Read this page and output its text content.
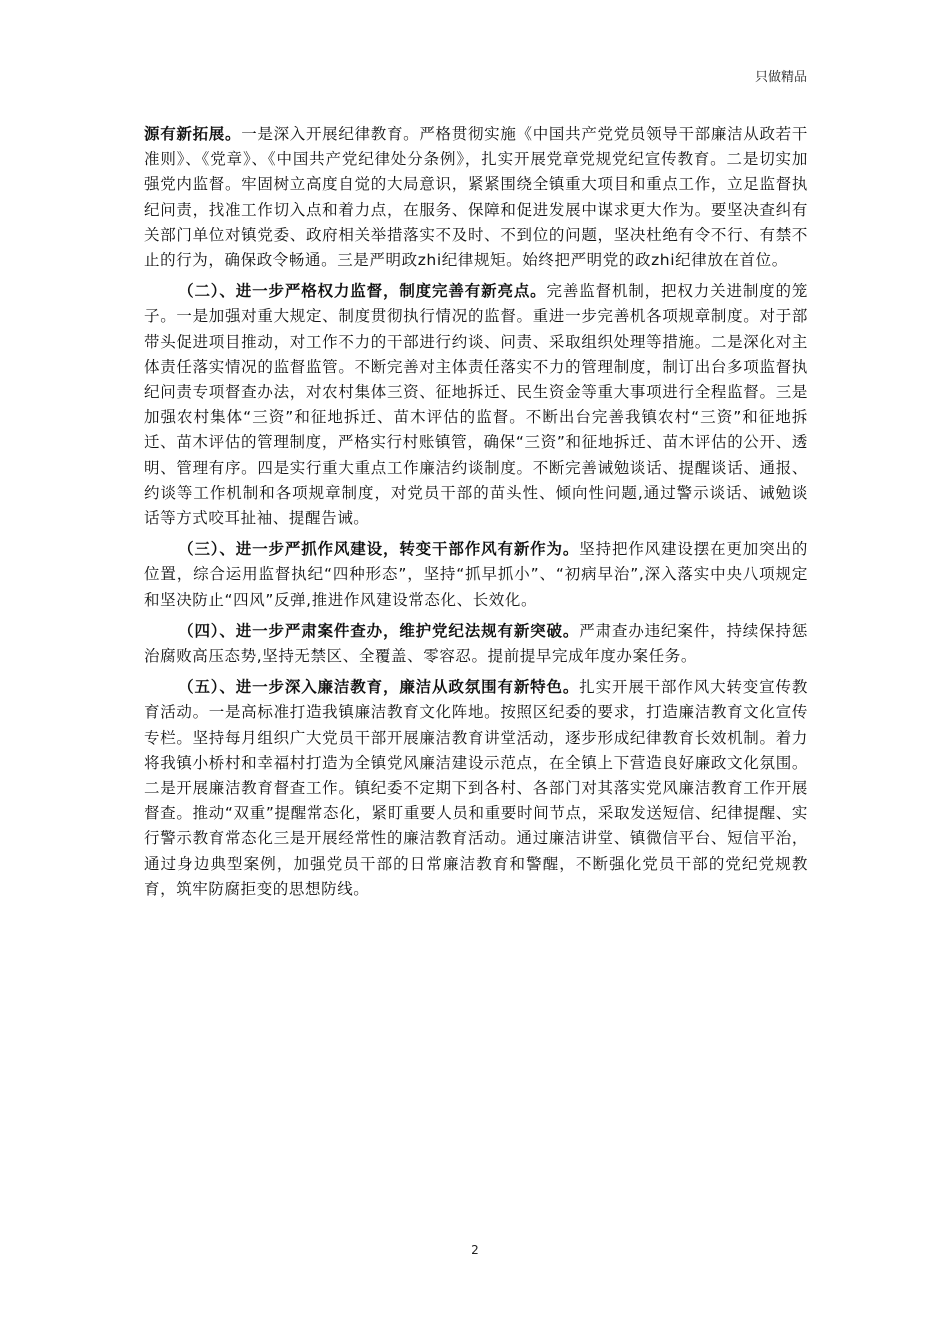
只做精品

源有新拓展。一是深入开展纪律教育。严格贯彻实施《中国共产党党员领导干部廉洁从政若干准则》、《党章》、《中国共产党纪律处分条例》，扎实开展党章党规党纪宣传教育。二是切实加强党内监督。牢固树立高度自觉的大局意识，紧紧围绕全镇重大项目和重点工作，立足监督执纪问责，找准工作切入点和着力点，在服务、保障和促进发展中谋求更大作为。要坚决查纠有关部门单位对镇党委、政府相关举措落实不及时、不到位的问题，坚决杜绝有令不行、有禁不止的行为，确保政令畅通。三是严明政zhi纪律规矩。始终把严明党的政zhi纪律放在首位。

（二）、进一步严格权力监督，制度完善有新亮点。完善监督机制，把权力关进制度的笼子。一是加强对重大规定、制度贯彻执行情况的监督。重进一步完善机各项规章制度。对于部带头促进项目推动，对工作不力的干部进行约谈、问责、采取组织处理等措施。二是深化对主体责任落实情况的监督监管。不断完善对主体责任落实不力的管理制度，制订出台多项监督执纪问责专项督查办法，对农村集体三资、征地拆迁、民生资金等重大事项进行全程监督。三是加强农村集体“三资”和征地拆迁、苗木评估的监督。不断出台完善我镇农村“三资”和征地拆迁、苗木评估的管理制度，严格实行村账镇管，确保“三资”和征地拆迁、苗木评估的公开、透明、管理有序。四是实行重大重点工作廉洁约谈制度。不断完善诫勉谈话、提醒谈话、通报、约谈等工作机制和各项规章制度，对党员干部的苗头性、倾向性问题,通过警示谈话、诫勉谈话等方式咬耳扯袖、提醒告诫。

（三）、进一步严抓作风建设，转变干部作风有新作为。坚持把作风建设摆在更加突出的位置，综合运用监督执纪“四种形态”，坚持“抓早抓小”、“初病早治”,深入落实中央八项规定和坚决防止“四风”反弹,推进作风建设常态化、长效化。

（四）、进一步严肃案件查办，维护党纪法规有新突破。严肃查办违纪案件，持续保持惩治腐败高压态势,坚持无禁区、全覆盖、零容忍。提前提早完成年度办案任务。

（五）、进一步深入廉洁教育，廉洁从政氛围有新特色。扎实开展干部作风大转变宣传教育活动。一是高标准打造我镇廉洁教育文化阵地。按照区纪委的要求，打造廉洁教育文化宣传专栏。坚持每月组织广大党员干部开展廉洁教育讲堂活动，逐步形成纪律教育长效机制。着力将我镇小桥村和幸福村打造为全镇党风廉洁建设示范点，在全镇上下营造良好廉政文化氛围。二是开展廉洁教育督查工作。镇纪委不定期下到各村、各部门对其落实党风廉洁教育工作开展督查。推动“双重”提醒常态化，紧盯重要人员和重要时间节点，采取发送短信、纪律提醒、实行警示教育常态化三是开展经常性的廉洁教育活动。通过廉洁讲堂、镇微信平台、短信平治，通过身边典型案例，加强党员干部的日常廉洁教育和警醒，不断强化党员干部的党纪党规教育，筑牢防腐拒变的思想防线。

2
